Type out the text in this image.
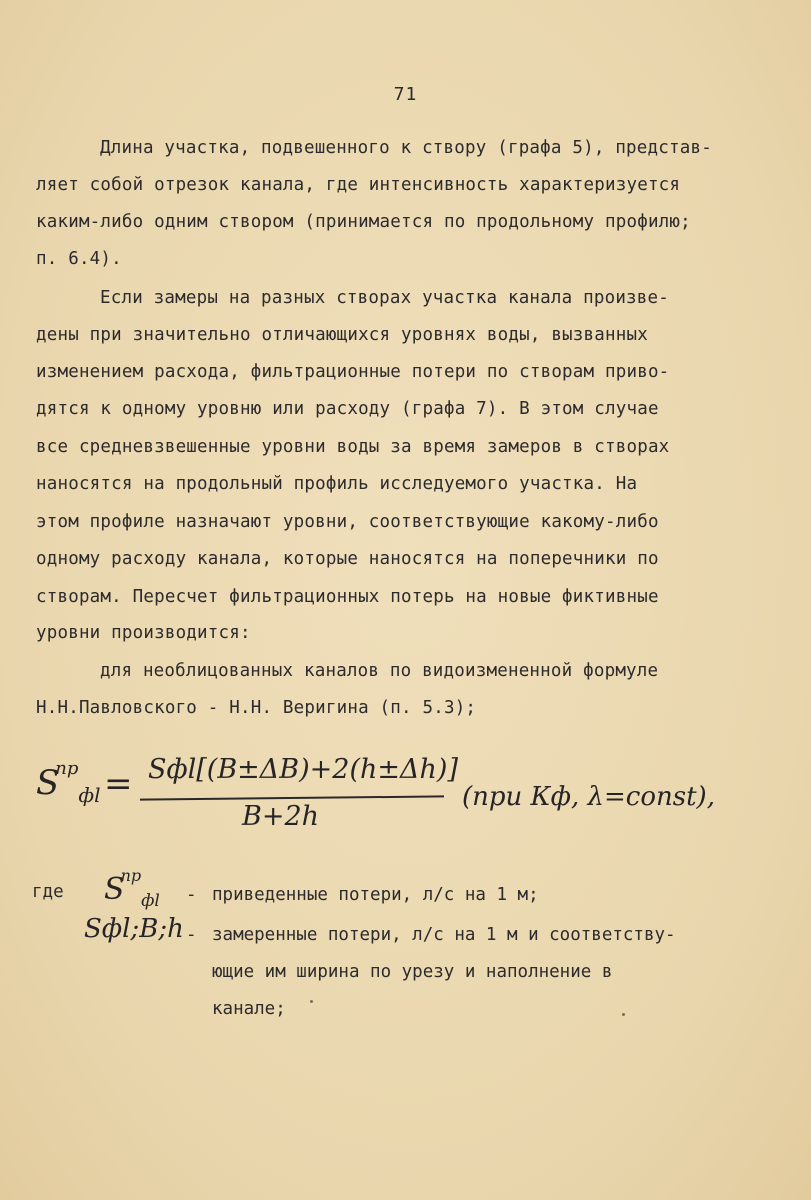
71
Длина участка, подвешенного к створу (графа 5), представ-
ляет собой отрезок канала, где интенсивность характеризуется
каким-либо одним створом (принимается по продольному профилю;
п. 6.4).
Если замеры на разных створах участка канала произве-
дены при значительно отличающихся уровнях воды, вызванных
изменением расхода, фильтрационные потери по створам приво-
дятся к одному уровню или расходу (графа 7). В этом случае
все средневзвешенные уровни воды за время замеров в створах
наносятся на продольный профиль исследуемого участка. На
этом профиле назначают уровни, соответствующие какому-либо
одному расходу канала, которые наносятся на поперечники по
створам. Пересчет фильтрационных потерь на новые фиктивные
уровни производится:
для необлицованных каналов по видоизмененной формуле
Н.Н.Павловского - Н.Н. Веригина (п. 5.3);
$S^{пр}_{фl} = Sфl[(B\pm\Delta B)+2(h\pm\Delta h)]$
B+2h
(при Кф, λ=const),
где $S^{пр}_{фl}$ - приведенные потери, л/с на 1 м;
Sфl;B;h - замеренные потери, л/с на 1 м и соответству-
ющие им ширина по урезу и наполнение в
канале;
